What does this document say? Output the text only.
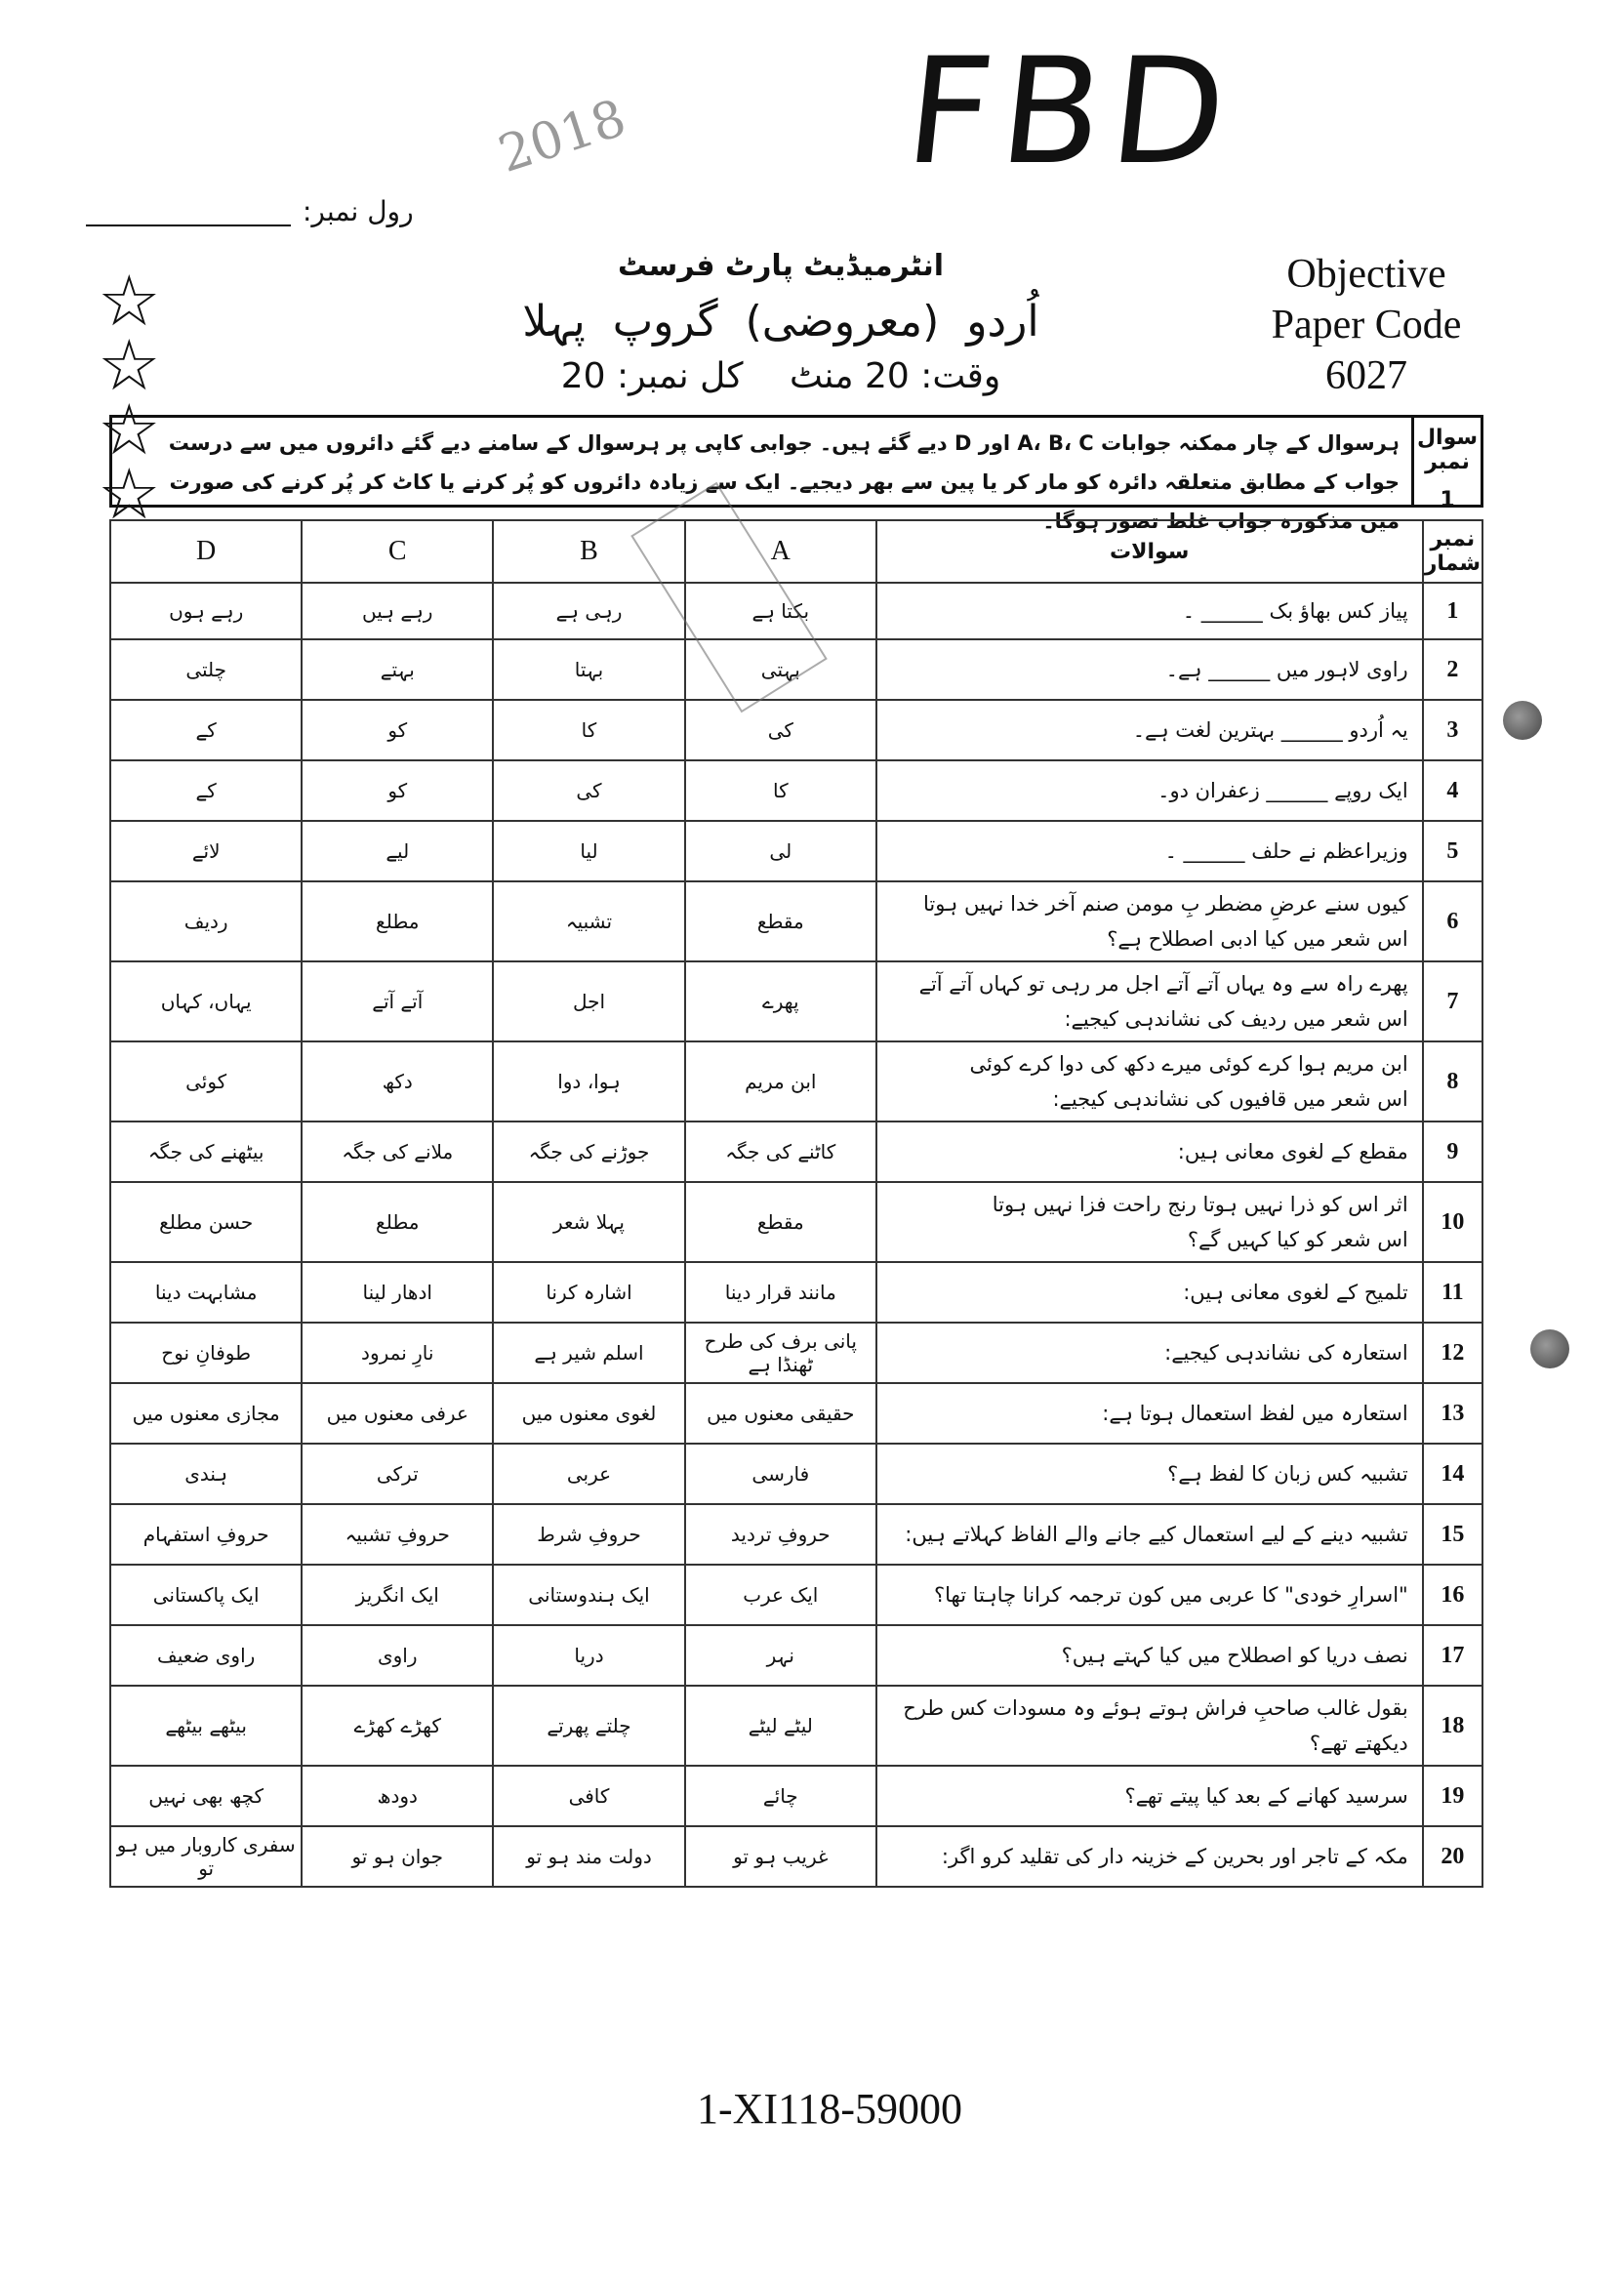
FBD
2018
رول نمبر:
☆☆☆☆
انٹرمیڈیٹ پارٹ فرسٹ
اُردو (معروضی) گروپ پہلا
وقت: 20 منٹ کل نمبر: 20
Objective
Paper Code
6027
سوال نمبر
1
ہرسوال کے چار ممکنہ جوابات A، B، C اور D دیے گئے ہیں۔ جوابی کاپی پر ہرسوال کے سامنے دیے گئے دائروں میں سے درست جواب کے مطابق متعلقہ دائرہ کو مار کر یا پین سے بھر دیجیے۔ ایک سے زیادہ دائروں کو پُر کرنے یا کاٹ کر پُر کرنے کی صورت میں مذکورہ جواب غلط تصور ہوگا۔
نمبر شمار	سوالات	A	B	C	D
1	پیاز کس بھاؤ بک ______ ۔	بکتا ہے	رہی ہے	رہے ہیں	رہے ہوں
2	راوی لاہور میں ______ ہے۔	بہتی	بہتا	بہتے	چلتی
3	یہ اُردو ______ بہترین لغت ہے۔	کی	کا	کو	کے
4	ایک روپے ______ زعفران دو۔	کا	کی	کو	کے
5	وزیراعظم نے حلف ______ ۔	لی	لیا	لیے	لائے
6	کیوں سنے عرضِ مضطر بِ مومن صنم آخر خدا نہیں ہوتا
اس شعر میں کیا ادبی اصطلاح ہے؟	مقطع	تشبیہ	مطلع	ردیف
7	پھرے راہ سے وہ یہاں آتے آتے اجل مر رہی تو کہاں آتے آتے
اس شعر میں ردیف کی نشاندہی کیجیے:	پھرے	اجل	آتے آتے	یہاں، کہاں
8	ابن مریم ہوا کرے کوئی میرے دکھ کی دوا کرے کوئی
اس شعر میں قافیوں کی نشاندہی کیجیے:	ابن مریم	ہوا، دوا	دکھ	کوئی
9	مقطع کے لغوی معانی ہیں:	کاٹنے کی جگہ	جوڑنے کی جگہ	ملانے کی جگہ	بیٹھنے کی جگہ
10	اثر اس کو ذرا نہیں ہوتا رنج راحت فزا نہیں ہوتا
اس شعر کو کیا کہیں گے؟	مقطع	پہلا شعر	مطلع	حسن مطلع
11	تلمیح کے لغوی معانی ہیں:	مانند قرار دینا	اشارہ کرنا	ادھار لینا	مشابہت دینا
12	استعارہ کی نشاندہی کیجیے:	پانی برف کی طرح ٹھنڈا ہے	اسلم شیر ہے	نارِ نمرود	طوفانِ نوح
13	استعارہ میں لفظ استعمال ہوتا ہے:	حقیقی معنوں میں	لغوی معنوں میں	عرفی معنوں میں	مجازی معنوں میں
14	تشبیہ کس زبان کا لفظ ہے؟	فارسی	عربی	ترکی	ہندی
15	تشبیہ دینے کے لیے استعمال کیے جانے والے الفاظ کہلاتے ہیں:	حروفِ تردید	حروفِ شرط	حروفِ تشبیہ	حروفِ استفہام
16	"اسرارِ خودی" کا عربی میں کون ترجمہ کرانا چاہتا تھا؟	ایک عرب	ایک ہندوستانی	ایک انگریز	ایک پاکستانی
17	نصف دریا کو اصطلاح میں کیا کہتے ہیں؟	نہر	دریا	راوی	راوی ضعیف
18	بقول غالب صاحبِ فراش ہوتے ہوئے وہ مسودات کس طرح دیکھتے تھے؟	لیٹے لیٹے	چلتے پھرتے	کھڑے کھڑے	بیٹھے بیٹھے
19	سرسید کھانے کے بعد کیا پیتے تھے؟	چائے	کافی	دودھ	کچھ بھی نہیں
20	مکہ کے تاجر اور بحرین کے خزینہ دار کی تقلید کرو اگر:	غریب ہو تو	دولت مند ہو تو	جوان ہو تو	سفری کاروبار میں ہو تو
1-XI118-59000
